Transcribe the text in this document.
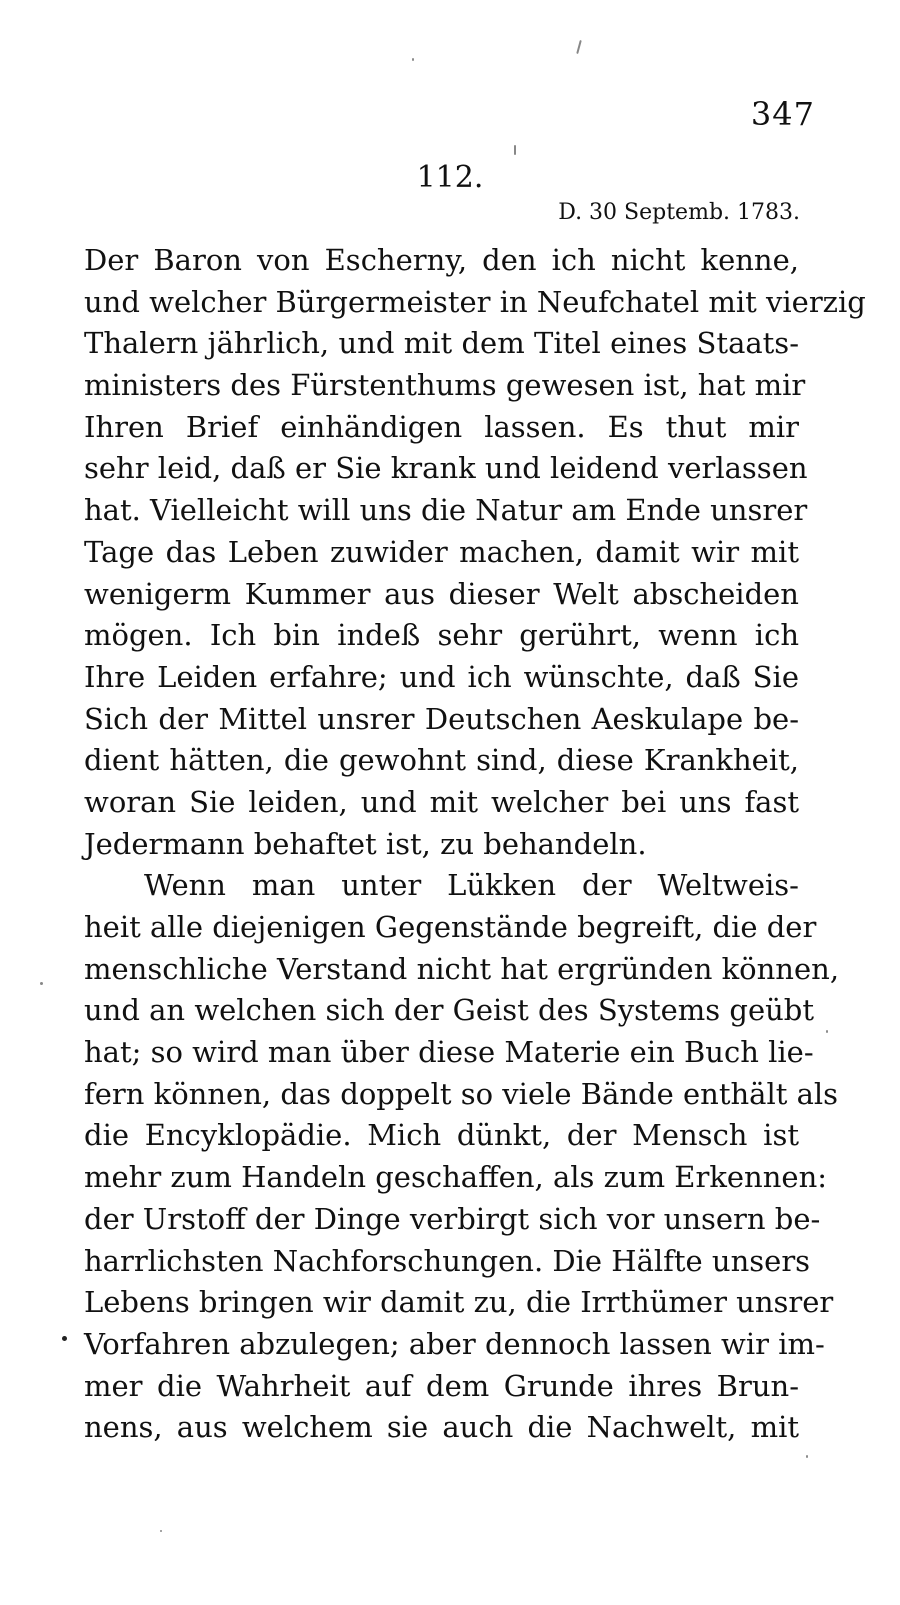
347
112.
D. 30 Septemb. 1783.
Der Baron von Escherny, den ich nicht kenne,
und welcher Bürgermeister in Neufchatel mit vierzig
Thalern jährlich, und mit dem Titel eines Staats-
ministers des Fürstenthums gewesen ist, hat mir
Ihren Brief einhändigen lassen. Es thut mir
sehr leid, daß er Sie krank und leidend verlassen
hat. Vielleicht will uns die Natur am Ende unsrer
Tage das Leben zuwider machen, damit wir mit
wenigerm Kummer aus dieser Welt abscheiden
mögen. Ich bin indeß sehr gerührt, wenn ich
Ihre Leiden erfahre; und ich wünschte, daß Sie
Sich der Mittel unsrer Deutschen Aeskulape be-
dient hätten, die gewohnt sind, diese Krankheit,
woran Sie leiden, und mit welcher bei uns fast
Jedermann behaftet ist, zu behandeln.
Wenn man unter Lükken der Weltweis-
heit alle diejenigen Gegenstände begreift, die der
menschliche Verstand nicht hat ergründen können,
und an welchen sich der Geist des Systems geübt
hat; so wird man über diese Materie ein Buch lie-
fern können, das doppelt so viele Bände enthält als
die Encyklopädie. Mich dünkt, der Mensch ist
mehr zum Handeln geschaffen, als zum Erkennen:
der Urstoff der Dinge verbirgt sich vor unsern be-
harrlichsten Nachforschungen. Die Hälfte unsers
Lebens bringen wir damit zu, die Irrthümer unsrer
Vorfahren abzulegen; aber dennoch lassen wir im-
mer die Wahrheit auf dem Grunde ihres Brun-
nens, aus welchem sie auch die Nachwelt, mit
